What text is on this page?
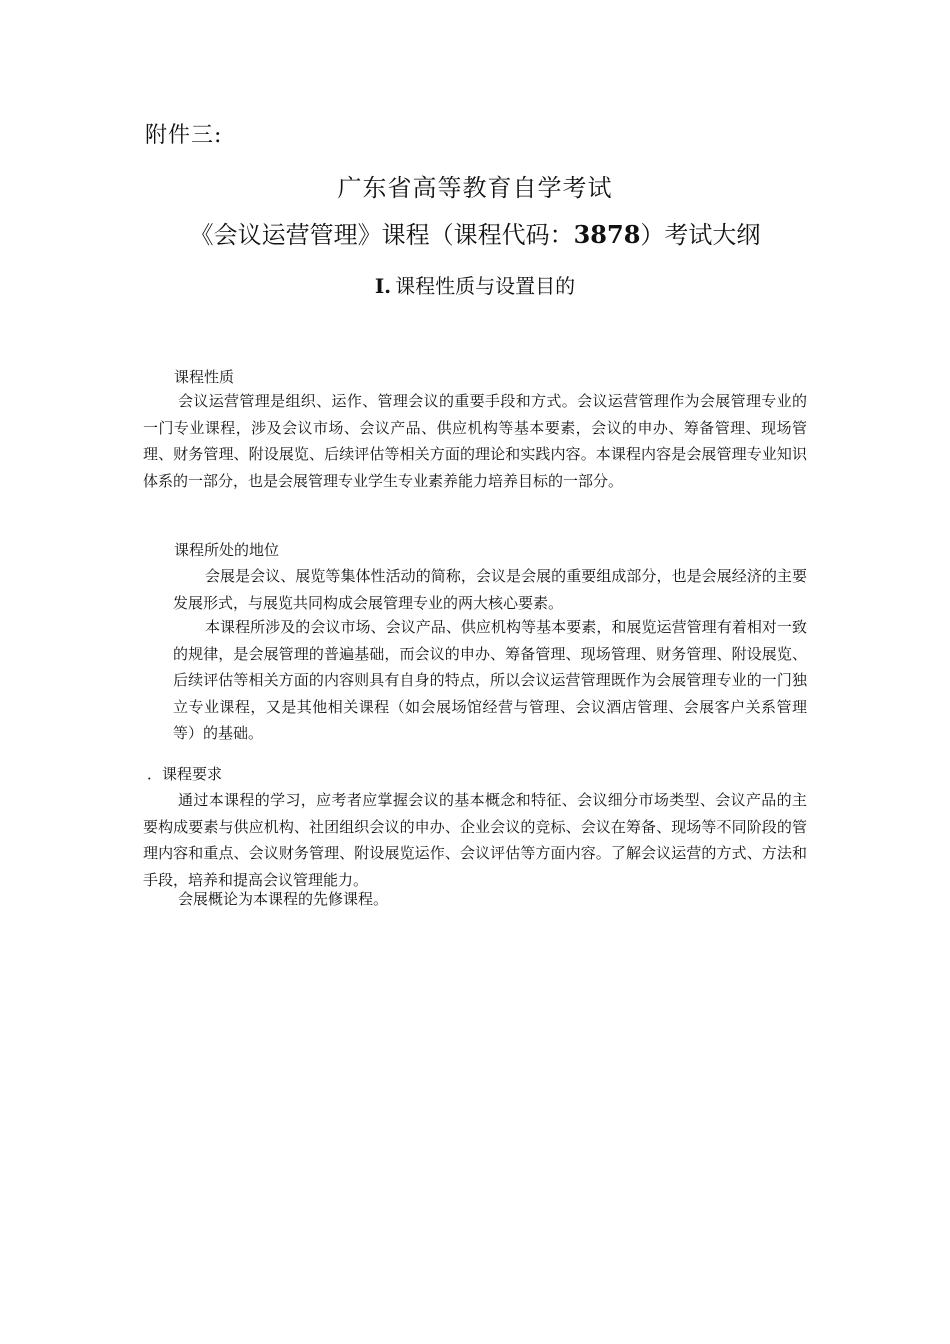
附件三:
广东省高等教育自学考试
《会议运营管理》课程（课程代码：3878）考试大纲
I. 课程性质与设置目的
课程性质
会议运营管理是组织、运作、管理会议的重要手段和方式。会议运营管理作为会展管理专业的一门专业课程，涉及会议市场、会议产品、供应机构等基本要素，会议的申办、筹备管理、现场管理、财务管理、附设展览、后续评估等相关方面的理论和实践内容。本课程内容是会展管理专业知识体系的一部分，也是会展管理专业学生专业素养能力培养目标的一部分。
课程所处的地位
会展是会议、展览等集体性活动的简称，会议是会展的重要组成部分，也是会展经济的主要发展形式，与展览共同构成会展管理专业的两大核心要素。
本课程所涉及的会议市场、会议产品、供应机构等基本要素，和展览运营管理有着相对一致的规律，是会展管理的普遍基础，而会议的申办、筹备管理、现场管理、财务管理、附设展览、后续评估等相关方面的内容则具有自身的特点，所以会议运营管理既作为会展管理专业的一门独立专业课程，又是其他相关课程（如会展场馆经营与管理、会议酒店管理、会展客户关系管理等）的基础。
．课程要求
通过本课程的学习，应考者应掌握会议的基本概念和特征、会议细分市场类型、会议产品的主要构成要素与供应机构、社团组织会议的申办、企业会议的竞标、会议在筹备、现场等不同阶段的管理内容和重点、会议财务管理、附设展览运作、会议评估等方面内容。了解会议运营的方式、方法和手段，培养和提高会议管理能力。
会展概论为本课程的先修课程。
